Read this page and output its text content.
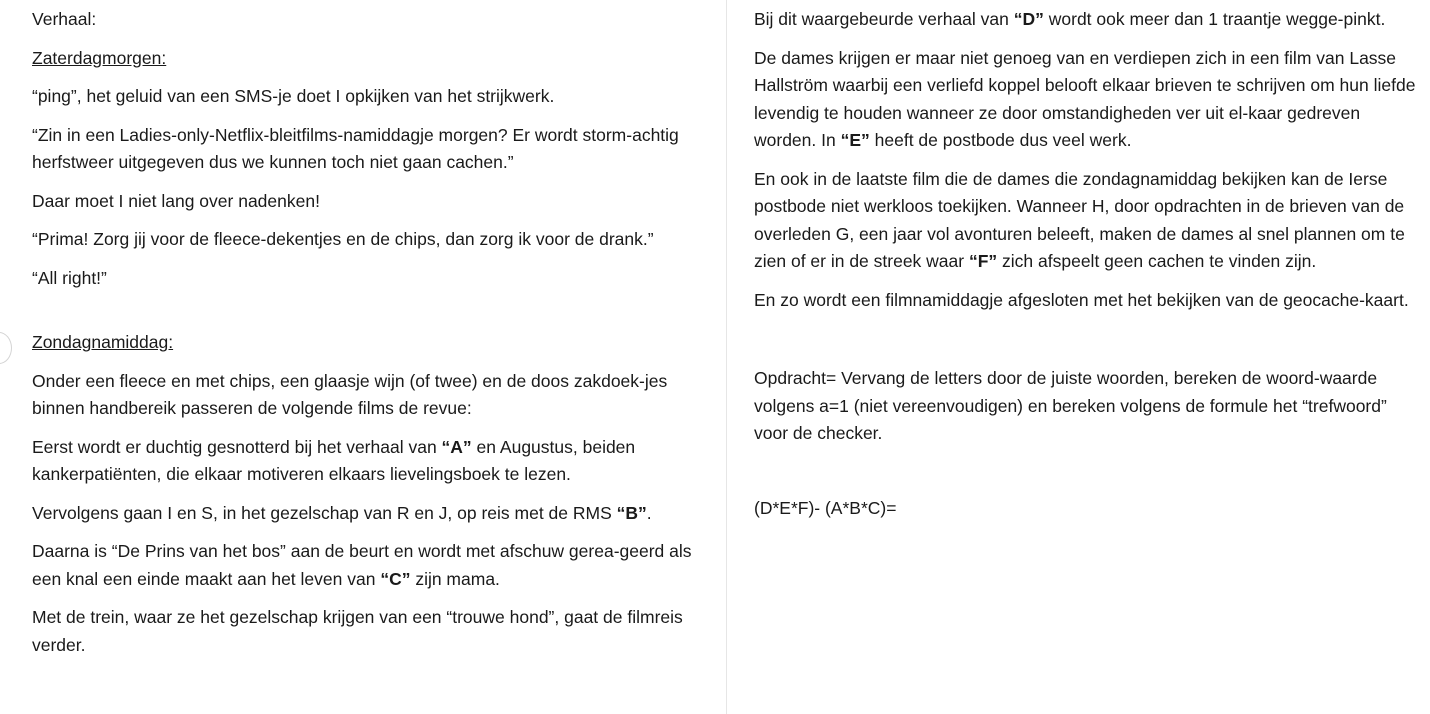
Verhaal:

Zaterdagmorgen:

“ping”, het geluid van een SMS-je doet I opkijken van het strijkwerk.

“Zin in een Ladies-only-Netflix-bleitfilms-namiddagje morgen? Er wordt storm-achtig herfstweer uitgegeven dus we kunnen toch niet gaan cachen.”

Daar moet I niet lang over nadenken!

“Prima! Zorg jij voor de fleece-dekentjes en de chips, dan zorg ik voor de drank.”

“All right!”

Zondagnamiddag:

Onder een fleece en met chips, een glaasje wijn (of twee) en de doos zakdoek-jes binnen handbereik passeren de volgende films de revue:

Eerst wordt er duchtig gesnotterd bij het verhaal van “A” en Augustus, beiden kankerpatiënten, die elkaar motiveren elkaars lievelingsboek te lezen.

Vervolgens gaan I en S, in het gezelschap van R en J, op reis met de RMS “B”.

Daarna is “De Prins van het bos” aan de beurt en wordt met afschuw gerea-geerd als een knal een einde maakt aan het leven van “C” zijn mama.

Met de trein, waar ze het gezelschap krijgen van een “trouwe hond”, gaat de filmreis verder.

Bij dit waargebeurde verhaal van “D” wordt ook meer dan 1 traantje wegge-pinkt.

De dames krijgen er maar niet genoeg van en verdiepen zich in een film van Lasse Hallström waarbij een verliefd koppel belooft elkaar brieven te schrijven om hun liefde levendig te houden wanneer ze door omstandigheden ver uit el-kaar gedreven worden. In “E” heeft de postbode dus veel werk.

En ook in de laatste film die de dames die zondagnamiddag bekijken kan de Ierse postbode niet werkloos toekijken. Wanneer H, door opdrachten in de brieven van de overleden G, een jaar vol avonturen beleeft, maken de dames al snel plannen om te zien of er in de streek waar “F” zich afspeelt geen cachen te vinden zijn.

En zo wordt een filmnamiddagje afgesloten met het bekijken van de geocache-kaart.

Opdracht= Vervang de letters door de juiste woorden, bereken de woord-waarde volgens a=1 (niet vereenvoudigen) en bereken volgens de formule het “trefwoord” voor de checker.

(D*E*F)- (A*B*C)=
